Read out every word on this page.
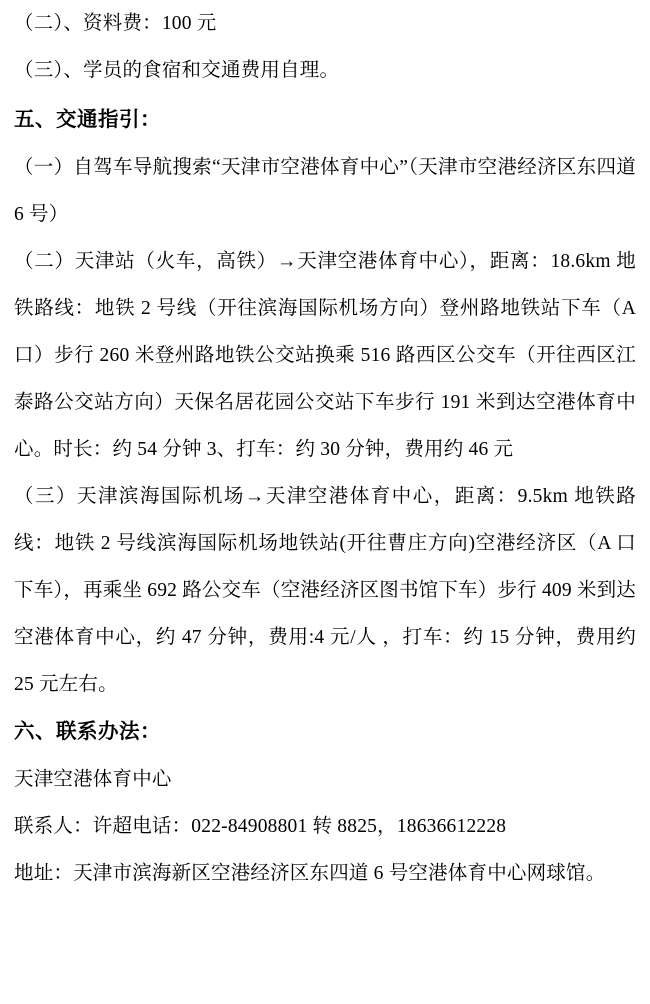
（二）、资料费：100 元

（三）、学员的食宿和交通费用自理。

五、交通指引：

（一）自驾车导航搜索“天津市空港体育中心”（天津市空港经济区东四道 6 号）

（二）天津站（火车，高铁）→天津空港体育中心），距离：18.6km 地铁路线：地铁 2 号线（开往滨海国际机场方向）登州路地铁站下车（A 口）步行 260 米登州路地铁公交站换乘 516 路西区公交车（开往西区江泰路公交站方向）天保名居花园公交站下车步行 191 米到达空港体育中心。时长：约 54 分钟 3、打车：约 30 分钟，费用约 46 元

（三）天津滨海国际机场→天津空港体育中心，距离：9.5km 地铁路线：地铁 2 号线滨海国际机场地铁站(开往曹庄方向)空港经济区（A 口下车），再乘坐 692 路公交车（空港经济区图书馆下车）步行 409 米到达空港体育中心，约 47 分钟，费用:4 元/人 ，打车：约 15 分钟，费用约 25 元左右。

六、联系办法：

天津空港体育中心

联系人：许超电话：022-84908801 转 8825，18636612228

地址：天津市滨海新区空港经济区东四道 6 号空港体育中心网球馆。
